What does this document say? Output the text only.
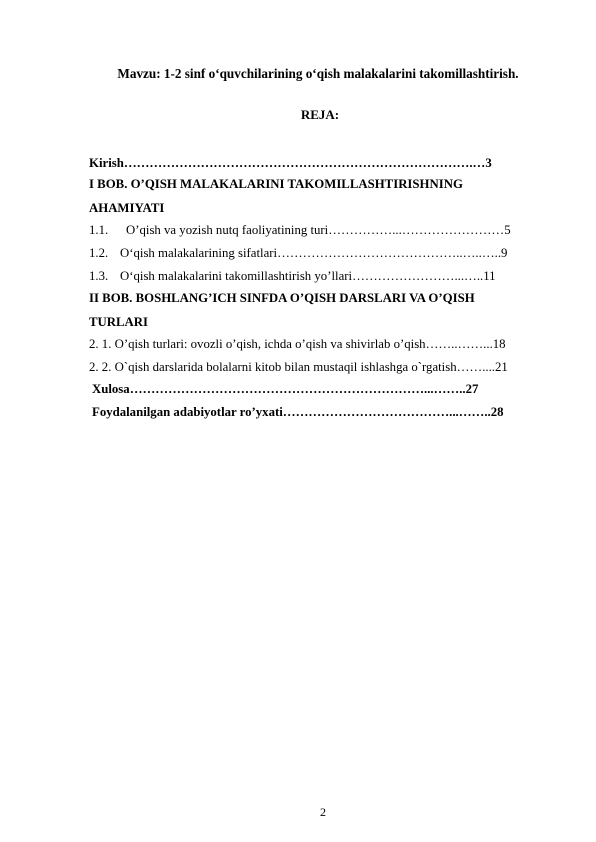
Mavzu: 1-2 sinf o‘quvchilarining o‘qish malakalarini takomillashtirish.
REJA:
Kirish……………………………………………………………………….…3
I BOB. O’QISH MALAKALARINI TAKOMILLASHTIRISHNING
AHAMIYATI
1.1. O’qish va yozish nutq faoliyatining turi……………...……………………5
1.2. O‘qish malakalarining sifatlari……………………………………..…..…..9
1.3. O‘qish malakalarini takomillashtirish yo’llari……………………...…..11
II BOB. BOSHLANG’ICH SINFDA O’QISH DARSLARI VA O’QISH
TURLARI
2. 1. O’qish turlari: ovozli o’qish, ichda o’qish va shivirlab o’qish……..……...18
2. 2. O`qish darslarida bolalarni kitob bilan mustaqil ishlashga o`rgatish……....21
Xulosa……………………………………………………………...……..27
Foydalanilgan adabiyotlar ro’yxati…………………………………...……..28
2
